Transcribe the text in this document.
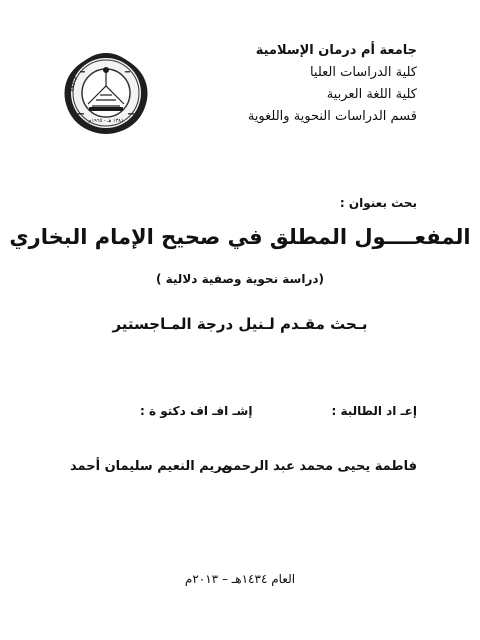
جامعة أم درمان الإسلامية
كلية الدراسات العليا
كلية اللغة العربية
قسم الدراسات النحوية واللغوية
جامعة
١٣٨١ هـ - ١٩٦٥م
بحث بعنوان :
المفعــــول المطلق في صحيح الإمام البخاري
(دراسة نحوية وصفية دلالية )
بـحث مقـدم لـنيل درجة المـاجستير
إعـ اد الطالبة :
إشـ افـ اف دكتو ة :
فاطمة يحيى محمد عبد الرحمن
مريم النعيم سليمان أحمد
العام ١٤٣٤هـ – ٢٠١٣م
